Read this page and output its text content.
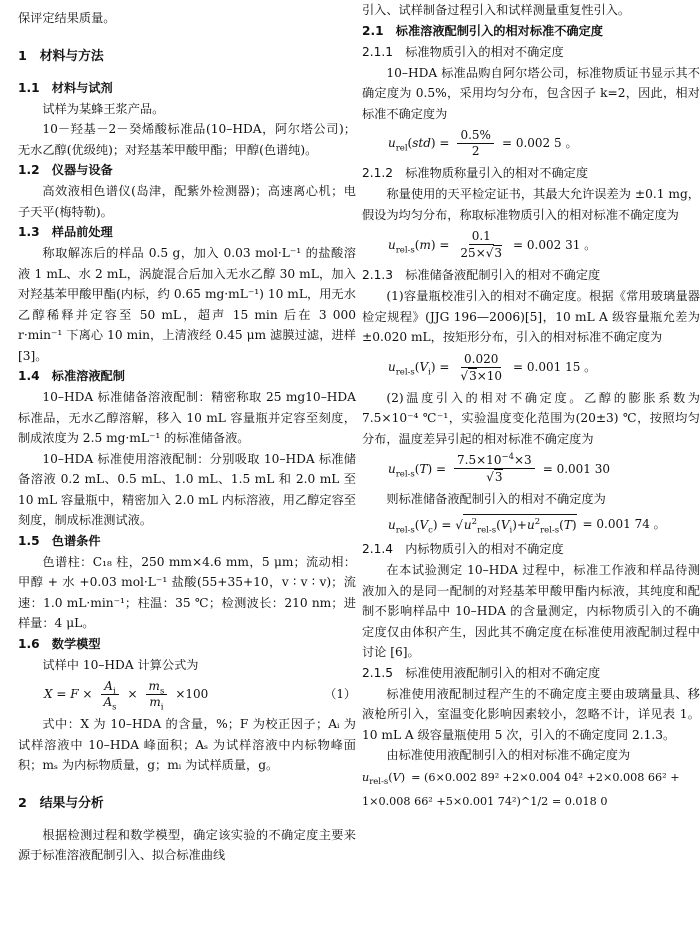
保评定结果质量。

1　材料与方法
1.1　材料与试剂

试样为某蜂王浆产品。

10－羟基－2－癸烯酸标准品(10–HDA，阿尔塔公司)；无水乙醇(优级纯)；对羟基苯甲酸甲酯；甲醇(色谱纯)。

1.2　仪器与设备

高效液相色谱仪(岛津，配紫外检测器)；高速离心机；电子天平(梅特勒)。

1.3　样品前处理

称取解冻后的样品 0.5 g，加入 0.03 mol·L⁻¹ 的盐酸溶液 1 mL、水 2 mL，涡旋混合后加入无水乙醇 30 mL，加入对羟基苯甲酸甲酯(内标，约 0.65 mg·mL⁻¹) 10 mL，用无水乙醇稀释并定容至 50 mL，超声 15 min 后在 3 000 r·min⁻¹ 下离心 10 min，上清液经 0.45 μm 滤膜过滤，进样 [3]。

1.4　标准溶液配制

10–HDA 标准储备溶液配制：精密称取 25 mg10–HDA 标准品，无水乙醇溶解，移入 10 mL 容量瓶并定容至刻度，制成浓度为 2.5 mg·mL⁻¹ 的标准储备液。

10–HDA 标准使用溶液配制：分别吸取 10–HDA 标准储备溶液 0.2 mL、0.5 mL、1.0 mL、1.5 mL 和 2.0 mL 至 10 mL 容量瓶中，精密加入 2.0 mL 内标溶液，用乙醇定容至刻度，制成标准测试液。

1.5　色谱条件

色谱柱：C₁₈ 柱，250 mm×4.6 mm，5 μm；流动相：甲醇 + 水 +0.03 mol·L⁻¹ 盐酸(55+35+10，v ∶ v ∶ v)；流速：1.0 mL·min⁻¹；柱温：35 ℃；检测波长：210 nm；进样量：4 μL。

1.6　数学模型

试样中 10–HDA 计算公式为

$X = F \times \frac{A_i}{A_s} \times \frac{m_s}{m_i} \times 100$	（1）

式中：X 为 10–HDA 的含量，%；F 为校正因子；Aᵢ 为试样溶液中 10–HDA 峰面积；Aₛ 为试样溶液中内标物峰面积；mₛ 为内标物质量，g；mᵢ 为试样质量，g。

2　结果与分析

根据检测过程和数学模型，确定该实验的不确定度主要来源于标准溶液配制引入、拟合标准曲线

引入、试样制备过程引入和试样测量重复性引入。

2.1　标准溶液配制引入的相对标准不确定度
2.1.1　标准物质引入的相对不确定度

10–HDA 标准品购自阿尔塔公司，标准物质证书显示其不确定度为 0.5%，采用均匀分布，包含因子 k=2，因此，相对标准不确定度为

$u_{rel}(std) = \frac{0.5\%}{2} = 0.002$ 5 。
2.1.2　标准物质称量引入的相对不确定度

称量使用的天平检定证书，其最大允许误差为 ±0.1 mg，假设为均匀分布，称取标准物质引入的相对标准不确定度为

$u_{rel-s}(m) = \frac{0.1}{25\times√3} = 0.002$ 31 。
2.1.3　标准储备液配制引入的相对不确定度

(1)容量瓶校准引入的相对不确定度。根据《常用玻璃量器检定规程》(JJG 196—2006)[5]，10 mL A 级容量瓶允差为 ±0.020 mL，按矩形分布，引入的相对标准不确定度为

$u_{rel-s}(V_i) = \frac{0.020}{√3\times 10} = 0.001$ 15 。

(2)温度引入的相对不确定度。乙醇的膨胀系数为 7.5×10⁻⁴ ℃⁻¹，实验温度变化范围为(20±3) ℃，按照均匀分布，温度差异引起的相对标准不确定度为

$u_{rel-s}(T) = \frac{7.5\times 10^{-4}\times 3}{√3} = 0.001$ 30

则标准储备液配制引入的相对不确定度为

$u_{rel-s}(V_c) = √u^2_{rel-s}(V_i)+u^2_{rel-s}(T) = 0.001$ 74 。
2.1.4　内标物质引入的相对不确定度

在本试验测定 10–HDA 过程中，标准工作液和样品待测液加入的是同一配制的对羟基苯甲酸甲酯内标液，其纯度和配制不影响样品中 10–HDA 的含量测定，内标物质引入的不确定度仅由体积产生，因此其不确定度在标准使用液配制过程中讨论 [6]。

2.1.5　标准使用液配制引入的相对不确定度

标准使用液配制过程产生的不确定度主要由玻璃量具、移液枪所引入，室温变化影响因素较小，忽略不计，详见表 1。10 mL A 级容量瓶使用 5 次，引入的不确定度同 2.1.3。

由标准使用液配制引入的相对标准不确定度为

$u_{rel-s}(V) = (6\times 0.002$ 89² +2×0.004 04² +2×0.008 66² +
1×0.008 66² +5×0.001 74²)^1/2 = 0.018 0
